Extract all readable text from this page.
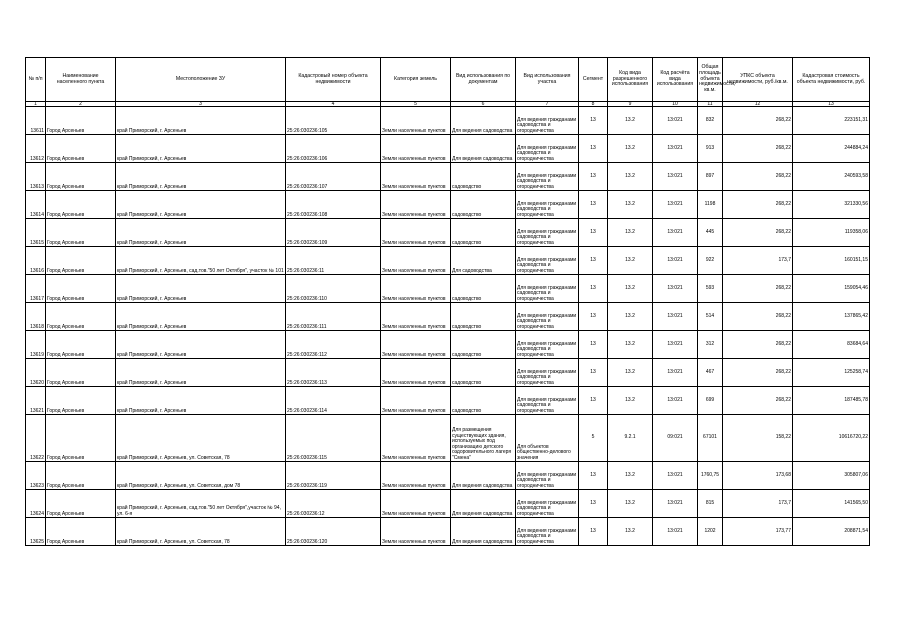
№ п/п	Наименование населенного пункта	Местоположение ЗУ	Кадастровый номер объекта недвижимости	Категория земель	Вид использования по документам	Вид использования участка	Сегмент	Код вида разрешенного использования	Код расчёта вида использования	Общая площадь объекта недвижимости, кв.м.	УПКС объекта недвижимости, руб./кв.м.	Кадастровая стоимость объекта недвижимости, руб.
1	2	3	4	5	6	7	8	9	10	11	12	13
13611	Город Арсеньев	край Приморский, г. Арсеньев	25:26:030236:105	Земли населенных пунктов	Для ведения садоводства	Для ведения гражданами садоводства и огородничества	13	13.2	13:021	832	268,22	223151,31
13612	Город Арсеньев	край Приморский, г. Арсеньев	25:26:030236:106	Земли населенных пунктов	Для ведения садоводства	Для ведения гражданами садоводства и огородничества	13	13.2	13:021	913	268,22	244884,24
13613	Город Арсеньев	край Приморский, г. Арсеньев	25:26:030236:107	Земли населенных пунктов	садоводство	Для ведения гражданами садоводства и огородничества	13	13.2	13:021	897	268,22	240593,58
13614	Город Арсеньев	край Приморский, г. Арсеньев	25:26:030236:108	Земли населенных пунктов	садоводство	Для ведения гражданами садоводства и огородничества	13	13.2	13:021	1198	268,22	321330,56
13615	Город Арсеньев	край Приморский, г. Арсеньев	25:26:030236:109	Земли населенных пунктов	садоводство	Для ведения гражданами садоводства и огородничества	13	13.2	13:021	445	268,22	119358,06
13616	Город Арсеньев	край Приморский, г. Арсеньев, сад.тов."50 лет Октября", участок № 101	25:26:030236:11	Земли населенных пунктов	Для садоводства	Для ведения гражданами садоводства и огородничества	13	13.2	13:021	922	173,7	160151,15
13617	Город Арсеньев	край Приморский, г. Арсеньев	25:26:030236:110	Земли населенных пунктов	садоводство	Для ведения гражданами садоводства и огородничества	13	13.2	13:021	593	268,22	159054,46
13618	Город Арсеньев	край Приморский, г. Арсеньев	25:26:030236:111	Земли населенных пунктов	садоводство	Для ведения гражданами садоводства и огородничества	13	13.2	13:021	514	268,22	137865,42
13619	Город Арсеньев	край Приморский, г. Арсеньев	25:26:030236:112	Земли населенных пунктов	садоводство	Для ведения гражданами садоводства и огородничества	13	13.2	13:021	312	268,22	83684,64
13620	Город Арсеньев	край Приморский, г. Арсеньев	25:26:030236:113	Земли населенных пунктов	садоводство	Для ведения гражданами садоводства и огородничества	13	13.2	13:021	467	268,22	125258,74
13621	Город Арсеньев	край Приморский, г. Арсеньев	25:26:030236:114	Земли населенных пунктов	садоводство	Для ведения гражданами садоводства и огородничества	13	13.2	13:021	699	268,22	187485,78
13622	Город Арсеньев	край Приморский, г. Арсеньев, ул. Советская, 78	25:26:030236:115	Земли населенных пунктов	Для размещения существующих здания, используемых под организацию детского оздоровительного лагеря "Смена"	Для объектов общественно-делового значения	5	9.2.1	09:021	67101	158,22	10616720,22
13623	Город Арсеньев	край Приморский, г. Арсеньев, ул. Советская, дом 78	25:26:030236:119	Земли населенных пунктов	Для ведения садоводства	Для ведения гражданами садоводства и огородничества	13	13.2	13:021	1760,75	173,68	305807,06
13624	Город Арсеньев	край Приморский, г. Арсеньев, сад.тов."50 лет Октября",участок № 94, ул. 6-я	25:26:030236:12	Земли населенных пунктов	Для ведения садоводства	Для ведения гражданами садоводства и огородничества	13	13.2	13:021	815	173,7	141565,50
13625	Город Арсеньев	край Приморский, г. Арсеньев, ул. Советская, 78	25:26:030236:120	Земли населенных пунктов	Для ведения садоводства	Для ведения гражданами садоводства и огородничества	13	13.2	13:021	1202	173,77	208871,54
